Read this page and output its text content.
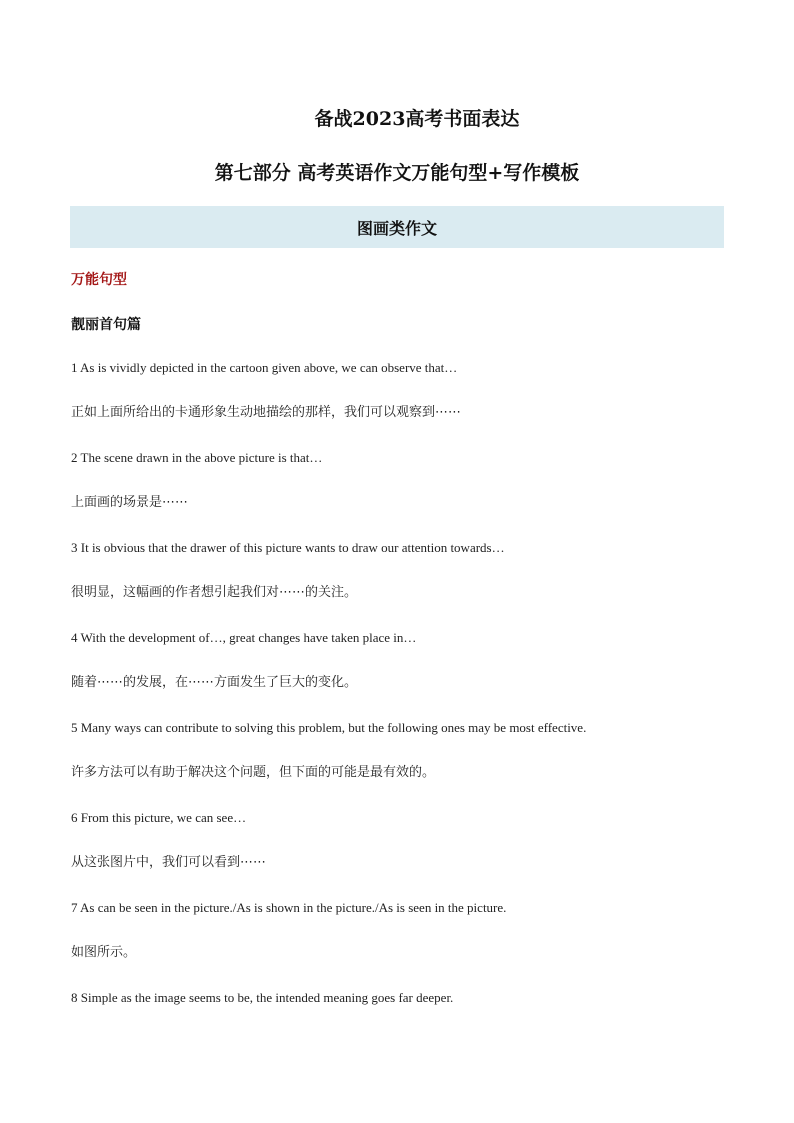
备战2023高考书面表达
第七部分 高考英语作文万能句型+写作模板
图画类作文
万能句型
靓丽首句篇
1 As is vividly depicted in the cartoon given above, we can observe that…
正如上面所给出的卡通形象生动地描绘的那样，我们可以观察到⋯⋯
2 The scene drawn in the above picture is that…
上面画的场景是⋯⋯
3 It is obvious that the drawer of this picture wants to draw our attention towards…
很明显，这幅画的作者想引起我们对⋯⋯的关注。
4 With the development of…, great changes have taken place in…
随着⋯⋯的发展，在⋯⋯方面发生了巨大的变化。
5 Many ways can contribute to solving this problem, but the following ones may be most effective.
许多方法可以有助于解决这个问题，但下面的可能是最有效的。
6 From this picture, we can see…
从这张图片中，我们可以看到⋯⋯
7 As can be seen in the picture./As is shown in the picture./As is seen in the picture.
如图所示。
8 Simple as the image seems to be, the intended meaning goes far deeper.
